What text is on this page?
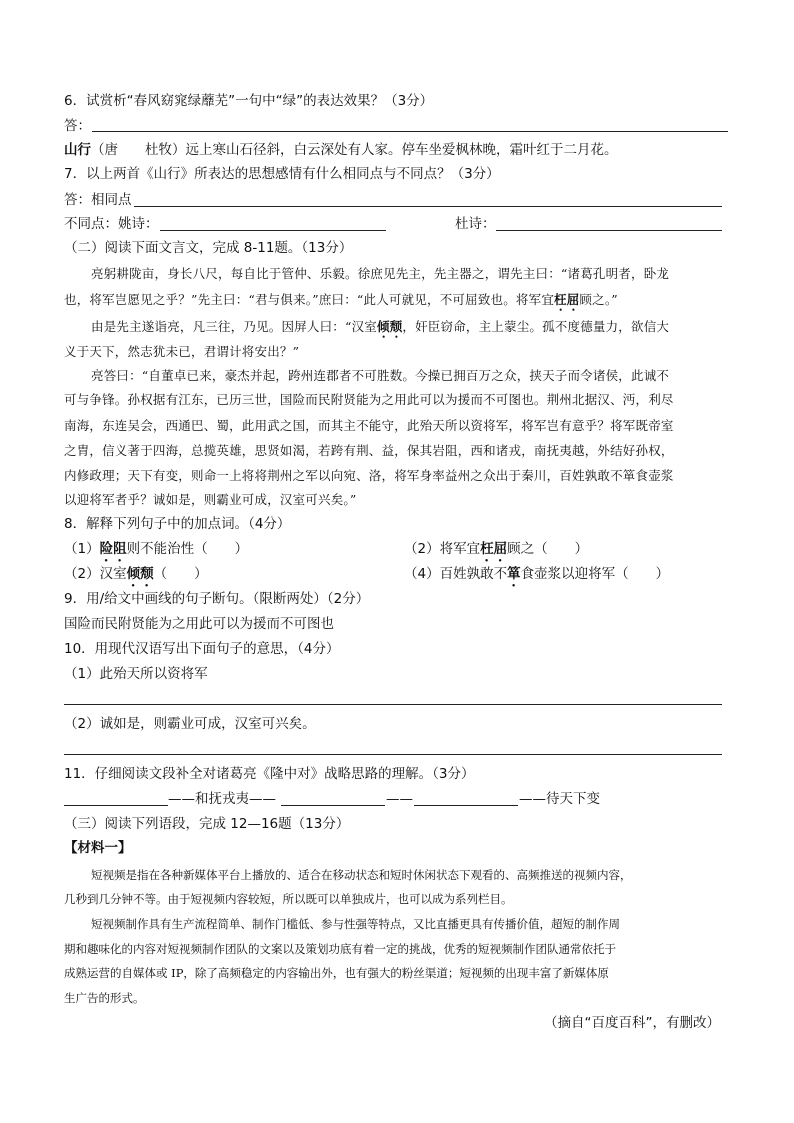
6．试赏析“春风窈窕绿蘼芜”一句中“绿”的表达效果？（3分）
答：
山行（唐　　杜牧）远上寒山石径斜，白云深处有人家。停车坐爱枫林晚，霜叶红于二月花。
7．以上两首《山行》所表达的思想感情有什么相同点与不同点？（3分）
答：相同点
不同点：姚诗：	杜诗：
（二）阅读下面文言文，完成 8-11题。（13分）
亮躬耕陇亩，身长八尺，每自比于管仲、乐毅。徐庶见先主，先主器之，谓先主曰：“诸葛孔明者，卧龙
也，将军岂愿见之乎？”先主曰：“君与俱来。”庶曰：“此人可就见，不可屈致也。将军宜枉屈顾之。”
由是先主遂诣亮，凡三往，乃见。因屏人曰：“汉室倾颓，奸臣窃命，主上蒙尘。孤不度德量力，欲信大
义于天下，然志犹未已，君谓计将安出？”
亮答曰：“自董卓已来，豪杰并起，跨州连郡者不可胜数。今操已拥百万之众，挟天子而令诸侯，此诚不
可与争锋。孙权据有江东，已历三世，国险而民附贤能为之用此可以为援而不可图也。荆州北据汉、沔，利尽
南海，东连吴会，西通巴、蜀，此用武之国，而其主不能守，此殆天所以资将军，将军岂有意乎？将军既帝室
之胄，信义著于四海，总揽英雄，思贤如渴，若跨有荆、益，保其岩阻，西和诸戎，南抚夷越，外结好孙权，
内修政理；天下有变，则命一上将将荆州之军以向宛、洛，将军身率益州之众出于秦川，百姓孰敢不箪食壶浆
以迎将军者乎？诚如是，则霸业可成，汉室可兴矣。”
8．解释下列句子中的加点词。（4分）
（1）险阻则不能治性（　　）	（2）将军宜枉屈顾之（　　）
（2）汉室倾颓（　　）	（4）百姓孰敢不箪食壶浆以迎将军（　　）
9．用/给文中画线的句子断句。（限断两处）（2分）
国险而民附贤能为之用此可以为援而不可图也
10．用现代汉语写出下面句子的意思，（4分）
（1）此殆天所以资将军
（2）诚如是，则霸业可成，汉室可兴矣。
11．仔细阅读文段补全对诸葛亮《隆中对》战略思路的理解。（3分）
——和抚戎夷——	——	——待天下变
（三）阅读下列语段，完成 12—16题（13分）
【材料一】
短视频是指在各种新媒体平台上播放的、适合在移动状态和短时休闲状态下观看的、高频推送的视频内容，
几秒到几分钟不等。由于短视频内容较短，所以既可以单独成片，也可以成为系列栏目。
短视频制作具有生产流程简单、制作门槛低、参与性强等特点，又比直播更具有传播价值，超短的制作周
期和趣味化的内容对短视频制作团队的文案以及策划功底有着一定的挑战，优秀的短视频制作团队通常依托于
成熟运营的自媒体或 IP，除了高频稳定的内容输出外，也有强大的粉丝渠道；短视频的出现丰富了新媒体原
生广告的形式。
（摘自“百度百科”，有删改）
